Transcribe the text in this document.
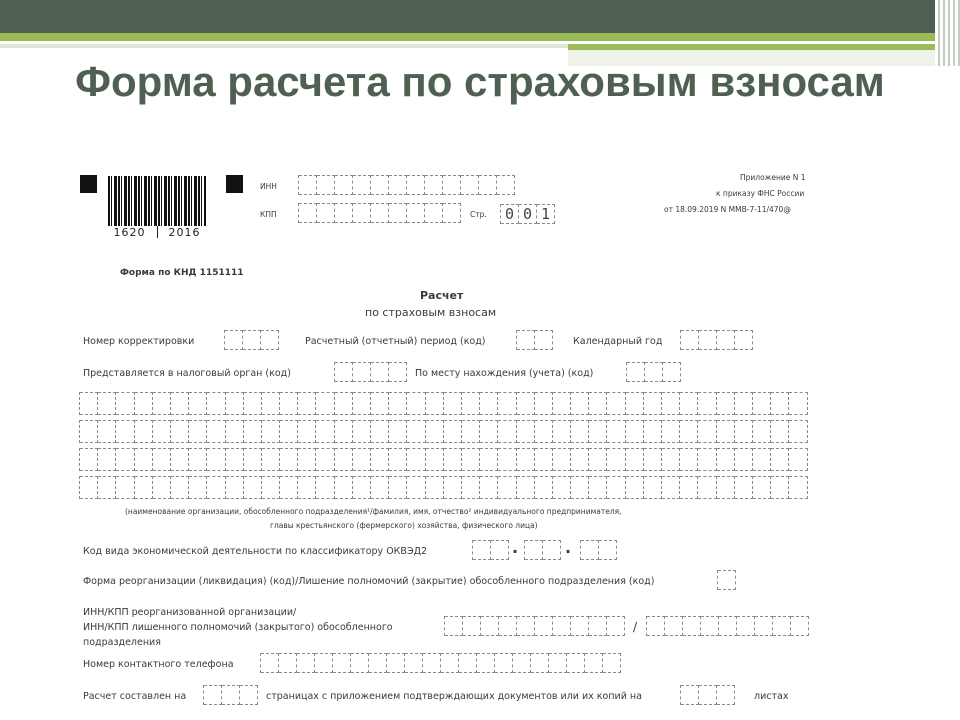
Форма расчета по страховым взносам
1620 2016
ИНН
КПП	Стр. 0 0 1
Приложение N 1
к приказу ФНС России
от 18.09.2019 N ММВ-7-11/470@
Форма по КНД 1151111
Расчет
по страховым взносам
Номер корректировки	Расчетный (отчетный) период (код)	Календарный год
Представляется в налоговый орган (код)	По месту нахождения (учета) (код)
(наименование организации, обособленного подразделения¹/фамилия, имя, отчество² индивидуального предпринимателя,
главы крестьянского (фермерского) хозяйства, физического лица)
Код вида экономической деятельности по классификатору ОКВЭД2	.	.
Форма реорганизации (ликвидация) (код)/Лишение полномочий (закрытие) обособленного подразделения (код)
ИНН/КПП реорганизованной организации/
ИНН/КПП лишенного полномочий (закрытого) обособленного
подразделения
/
Номер контактного телефона
Расчет составлен на	страницах с приложением подтверждающих документов или их копий на	листах
